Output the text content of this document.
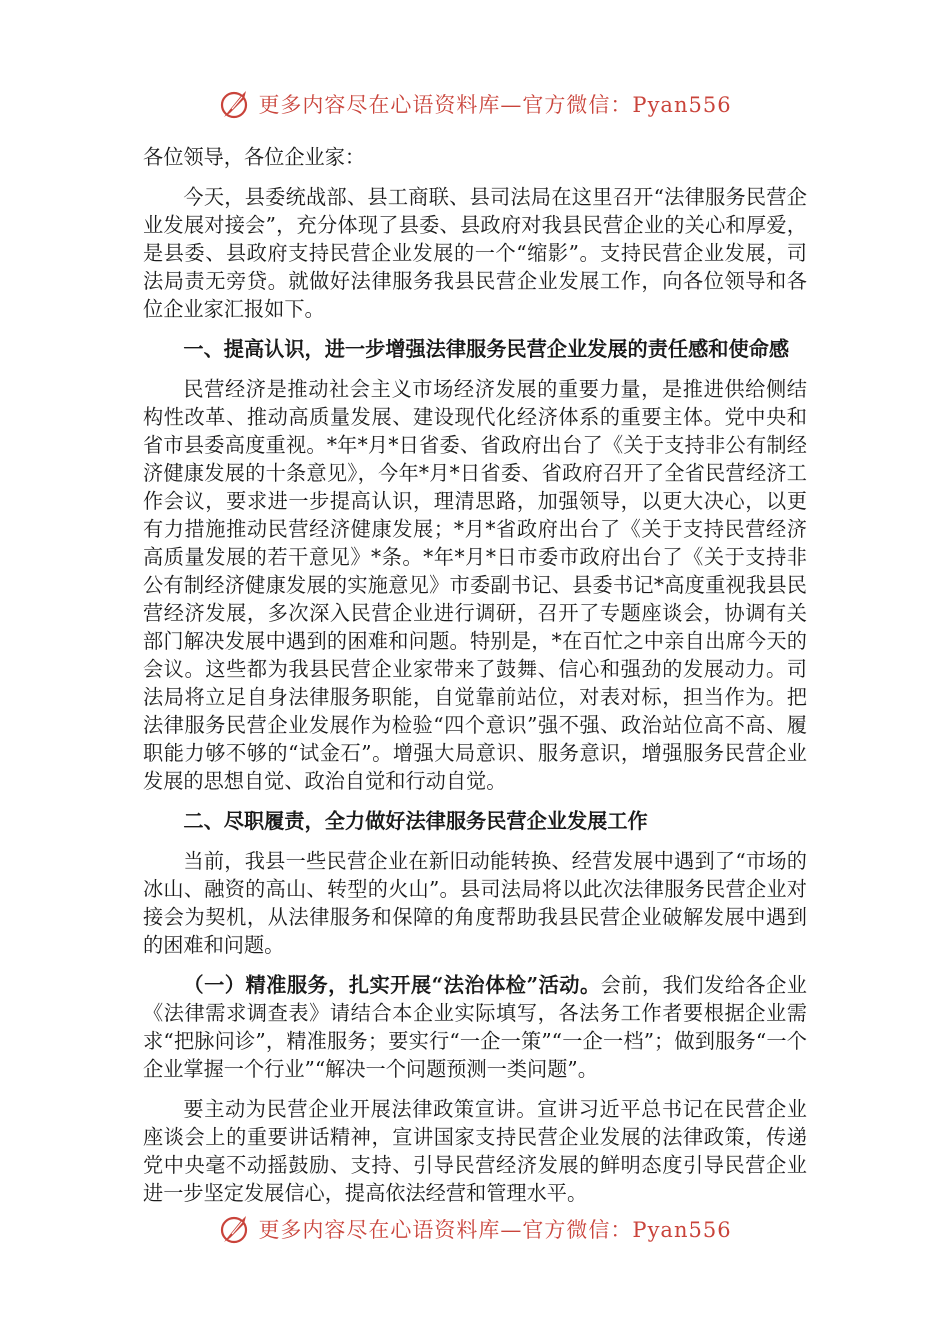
更多内容尽在心语资料库—官方微信：Pyan556

各位领导，各位企业家：

今天，县委统战部、县工商联、县司法局在这里召开“法律服务民营企业发展对接会”，充分体现了县委、县政府对我县民营企业的关心和厚爱，是县委、县政府支持民营企业发展的一个“缩影”。支持民营企业发展，司法局责无旁贷。就做好法律服务我县民营企业发展工作，向各位领导和各位企业家汇报如下。

一、提高认识，进一步增强法律服务民营企业发展的责任感和使命感

民营经济是推动社会主义市场经济发展的重要力量，是推进供给侧结构性改革、推动高质量发展、建设现代化经济体系的重要主体。党中央和省市县委高度重视。*年*月*日省委、省政府出台了《关于支持非公有制经济健康发展的十条意见》，今年*月*日省委、省政府召开了全省民营经济工作会议，要求进一步提高认识，理清思路，加强领导，以更大决心，以更有力措施推动民营经济健康发展；*月*省政府出台了《关于支持民营经济高质量发展的若干意见》*条。*年*月*日市委市政府出台了《关于支持非公有制经济健康发展的实施意见》市委副书记、县委书记*高度重视我县民营经济发展，多次深入民营企业进行调研，召开了专题座谈会，协调有关部门解决发展中遇到的困难和问题。特别是，*在百忙之中亲自出席今天的会议。这些都为我县民营企业家带来了鼓舞、信心和强劲的发展动力。司法局将立足自身法律服务职能，自觉靠前站位，对表对标，担当作为。把法律服务民营企业发展作为检验“四个意识”强不强、政治站位高不高、履职能力够不够的“试金石”。增强大局意识、服务意识，增强服务民营企业发展的思想自觉、政治自觉和行动自觉。

二、尽职履责，全力做好法律服务民营企业发展工作

当前，我县一些民营企业在新旧动能转换、经营发展中遇到了“市场的冰山、融资的高山、转型的火山”。县司法局将以此次法律服务民营企业对接会为契机，从法律服务和保障的角度帮助我县民营企业破解发展中遇到的困难和问题。

（一）精准服务，扎实开展“法治体检”活动。会前，我们发给各企业《法律需求调查表》请结合本企业实际填写，各法务工作者要根据企业需求“把脉问诊”，精准服务；要实行“一企一策”“一企一档”；做到服务“一个企业掌握一个行业”“解决一个问题预测一类问题”。

要主动为民营企业开展法律政策宣讲。宣讲习近平总书记在民营企业座谈会上的重要讲话精神，宣讲国家支持民营企业发展的法律政策，传递党中央毫不动摇鼓励、支持、引导民营经济发展的鲜明态度引导民营企业进一步坚定发展信心，提高依法经营和管理水平。

更多内容尽在心语资料库—官方微信：Pyan556
